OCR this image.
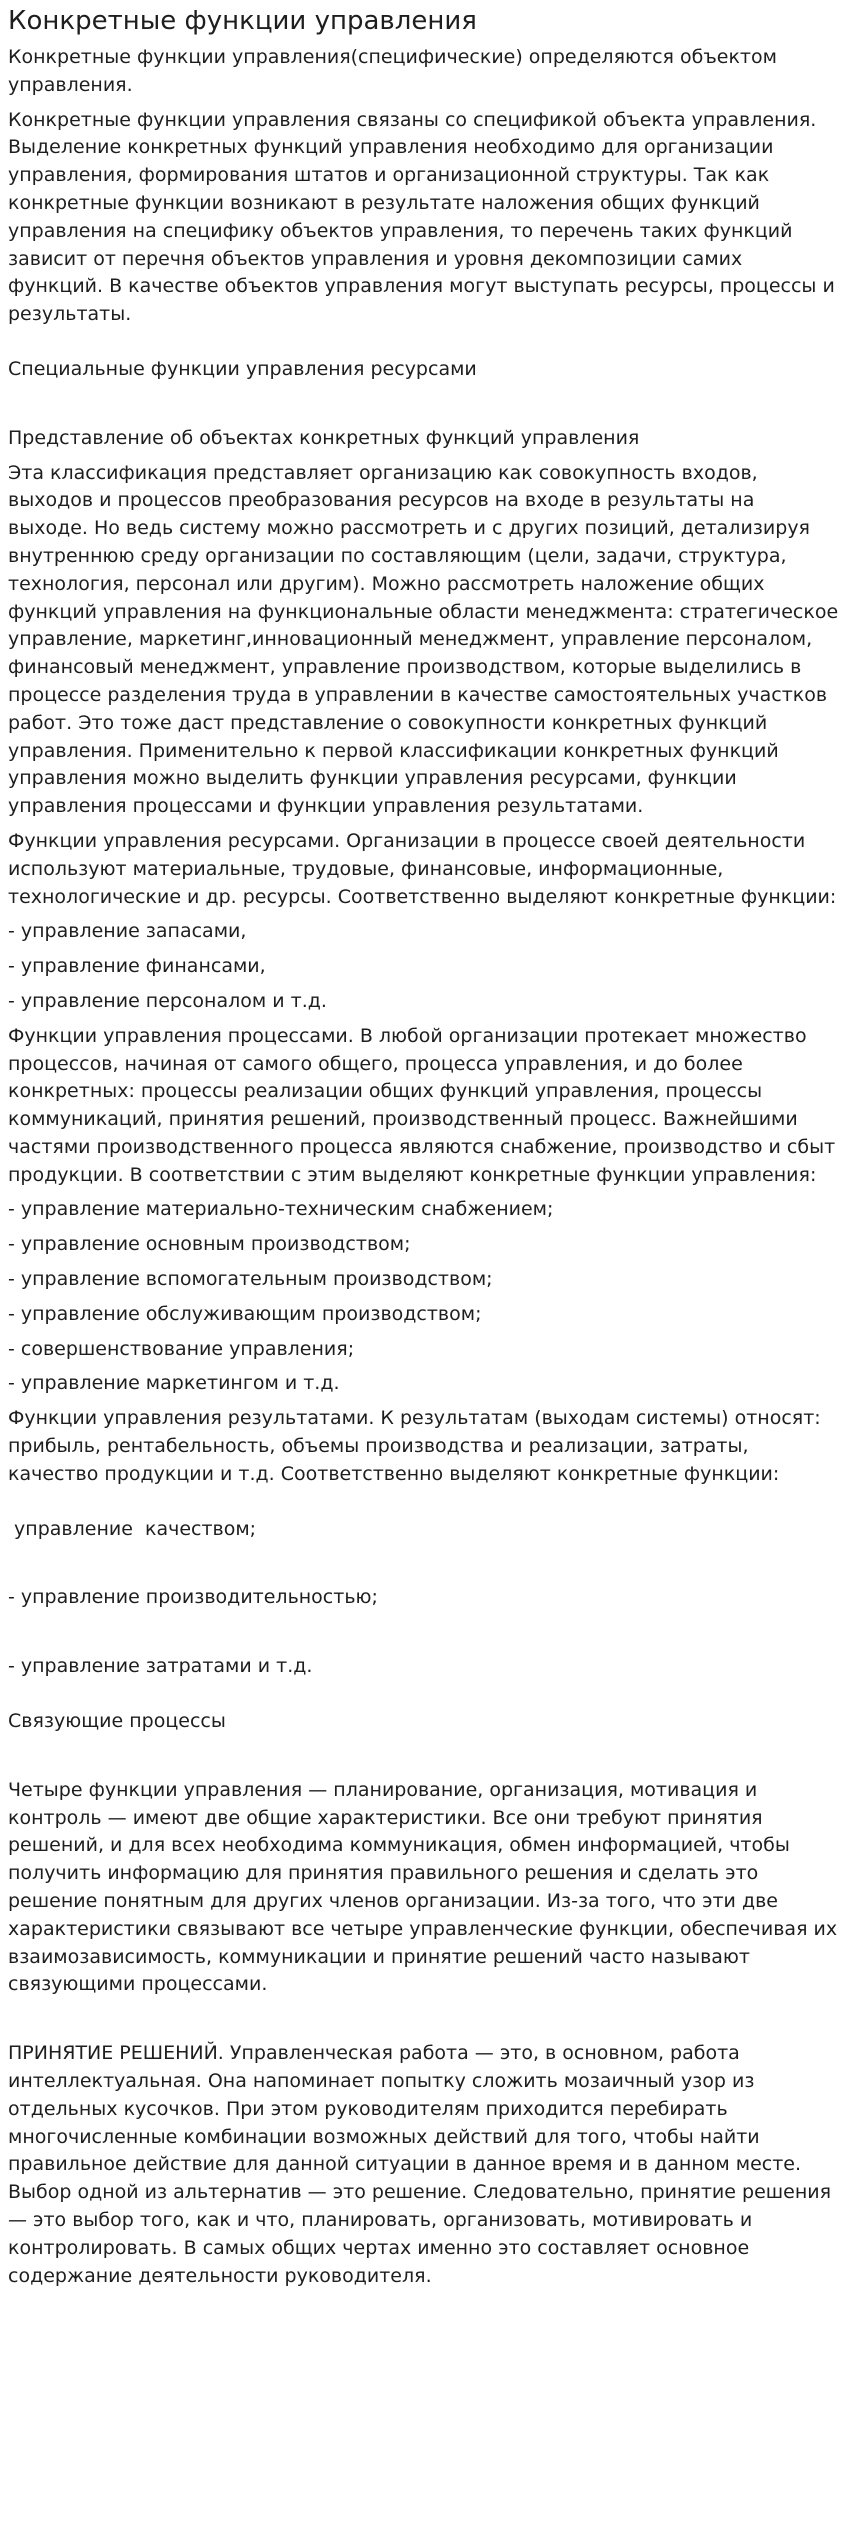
Конкретные функции управления
Конкретные функции управления(специфические) определяются объектом управления.
Конкретные функции управления связаны со спецификой объекта управления. Выделение конкретных функций управления необходимо для организации управления, формирования штатов и организационной структуры. Так как конкретные функции возникают в результате наложения общих функций управления на специфику объектов управления, то перечень таких функций зависит от перечня объектов управления и уровня декомпозиции самих функций. В качестве объектов управления могут выступать ресурсы, процессы и результаты.
Специальные функции управления ресурсами
Представление об объектах конкретных функций управления
Эта классификация представляет организацию как совокупность входов, выходов и процессов преобразования ресурсов на входе в результаты на выходе. Но ведь систему можно рассмотреть и с других позиций, детализируя внутреннюю среду организации по составляющим (цели, задачи, структура, технология, персонал или другим). Можно рассмотреть наложение общих функций управления на функциональные области менеджмента: стратегическое управление, маркетинг,инновационный менеджмент, управление персоналом, финансовый менеджмент, управление производством, которые выделились в процессе разделения труда в управлении в качестве самостоятельных участков работ. Это тоже даст представление о совокупности конкретных функций управления. Применительно к первой классификации конкретных функций управления можно выделить функции управления ресурсами, функции управления процессами и функции управления результатами.
Функции управления ресурсами. Организации в процессе своей деятельности используют материальные, трудовые, финансовые, информационные, технологические и др. ресурсы. Соответственно выделяют конкретные функции:
- управление запасами,
- управление финансами,
- управление персоналом и т.д.
Функции управления процессами. В любой организации протекает множество процессов, начиная от самого общего, процесса управления, и до более конкретных: процессы реализации общих функций управления, процессы коммуникаций, принятия решений, производственный процесс. Важнейшими частями производственного процесса являются снабжение, производство и сбыт продукции. В соответствии с этим выделяют конкретные функции управления:
- управление материально-техническим снабжением;
- управление основным производством;
- управление вспомогательным производством;
- управление обслуживающим производством;
- совершенствование управления;
- управление маркетингом и т.д.
Функции управления результатами. К результатам (выходам системы) относят: прибыль, рентабельность, объемы производства и реализации, затраты, качество продукции и т.д. Соответственно выделяют конкретные функции:
управление  качеством;
- управление производительностью;
- управление затратами и т.д.
Связующие процессы
Четыре функции управления — планирование, организация, мотивация и контроль — имеют две общие характеристики. Все они требуют принятия решений, и для всех необходима коммуникация, обмен информацией, чтобы получить информацию для принятия правильного решения и сделать это решение понятным для других членов организации. Из-за того, что эти две характеристики связывают все четыре управленческие функции, обеспечивая их взаимозависимость, коммуникации и принятие решений часто называют связующими процессами.
ПРИНЯТИЕ РЕШЕНИЙ. Управленческая работа — это, в основном, работа интеллектуальная. Она напоминает попытку сложить мозаичный узор из отдельных кусочков. При этом руководителям приходится перебирать многочисленные комбинации возможных действий для того, чтобы найти правильное действие для данной ситуации в данное время и в данном месте. Выбор одной из альтернатив — это решение. Следовательно, принятие решения — это выбор того, как и что, планировать, организовать, мотивировать и контролировать. В самых общих чертах именно это составляет основное содержание деятельности руководителя.
